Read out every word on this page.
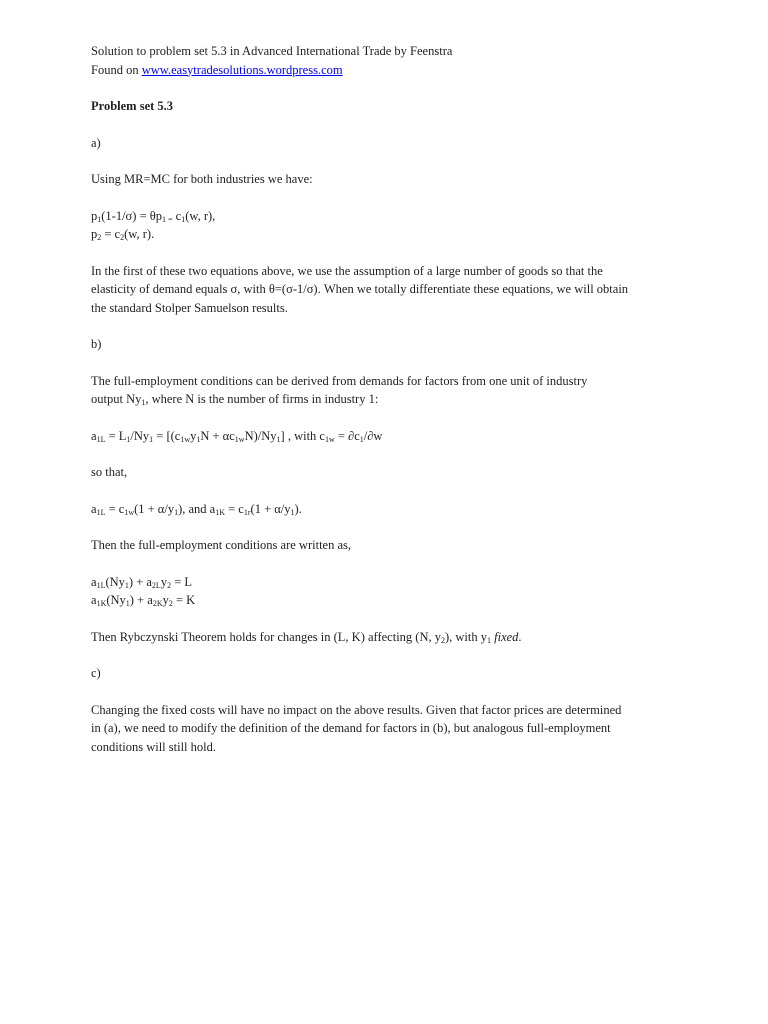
Solution to problem set 5.3 in Advanced International Trade by Feenstra
Found on www.easytradesolutions.wordpress.com
Problem set 5.3
a)
Using MR=MC for both industries we have:
$p_1(1-1/\sigma) = \theta p_{1 =}$ $c_1(w$, r),
$p_2 = c_2(w$, r).
In the first of these two equations above, we use the assumption of a large number of goods so that the
elasticity of demand equals σ, with θ=(σ-1/σ). When we totally differentiate these equations, we will obtain
the standard Stolper Samuelson results.
b)
The full-employment conditions can be derived from demands for factors from one unit of industry
output $Ny_1$, where N is the number of firms in industry 1:
$a_{1L} = L_1/Ny_1 = [(c_{1w}y_1N + \alpha c_{1w}N)/Ny_1]$ , with $c_{1w} = \partial c_1/\partial w$
so that,
$a_{1L} = c_{1w}(1 + \alpha/y_1)$, and $a_{1K} = c_{1r}(1 + \alpha/y_1)$.
Then the full-employment conditions are written as,
$a_{1L}(Ny_1) + a_{2L}y_2 = L$
$a_{1K}(Ny_1) + a_{2K}y_2 = K$
Then Rybczynski Theorem holds for changes in (L, K) affecting (N, $y_2$), with $y_1$ fixed.
c)
Changing the fixed costs will have no impact on the above results. Given that factor prices are determined
in (a), we need to modify the definition of the demand for factors in (b), but analogous full-employment
conditions will still hold.
